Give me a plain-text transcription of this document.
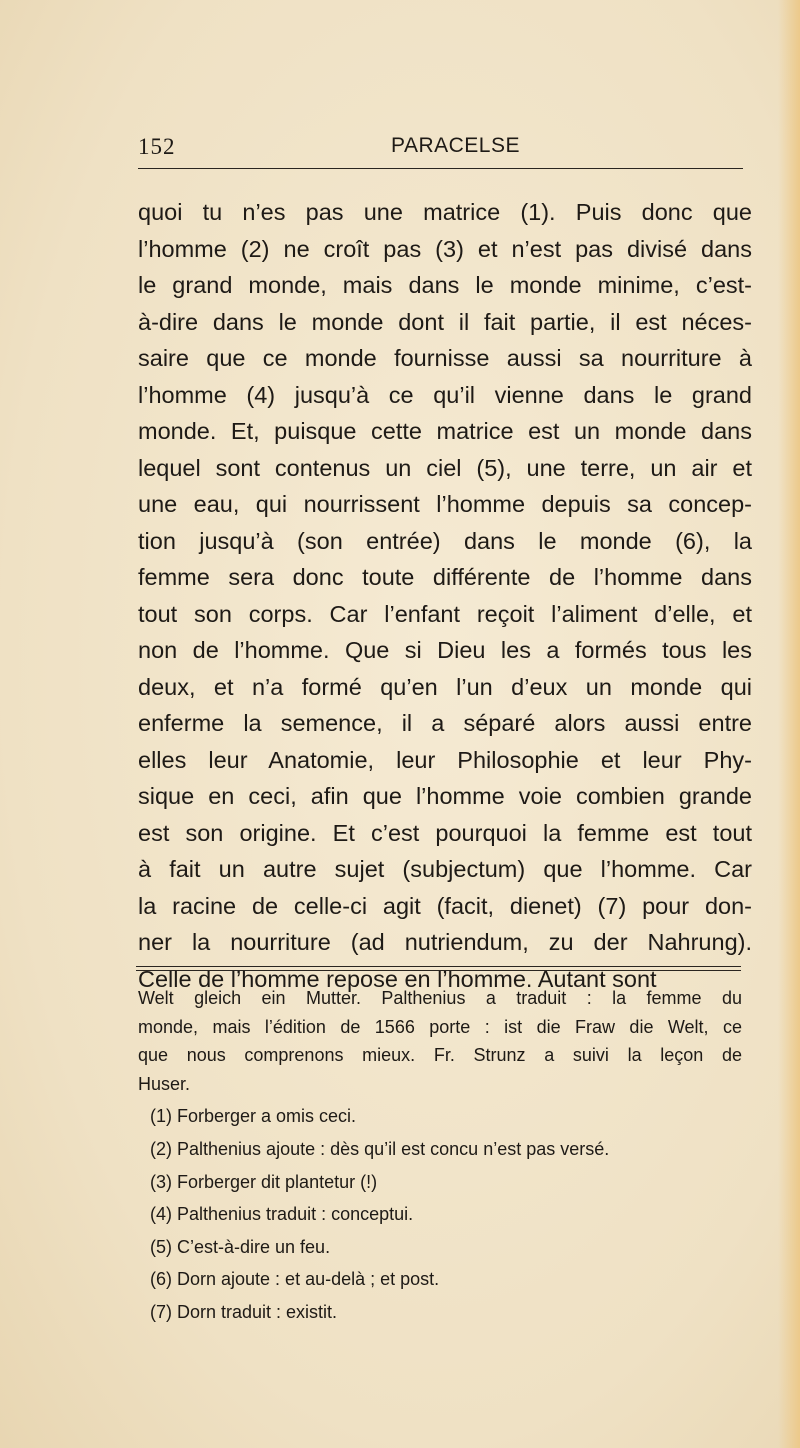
152	PARACELSE
quoi tu n’es pas une matrice (1). Puis donc que
l’homme (2) ne croît pas (3) et n’est pas divisé dans
le grand monde, mais dans le monde minime, c’est-
à-dire dans le monde dont il fait partie, il est néces-
saire que ce monde fournisse aussi sa nourriture à
l’homme (4) jusqu’à ce qu’il vienne dans le grand
monde. Et, puisque cette matrice est un monde dans
lequel sont contenus un ciel (5), une terre, un air et
une eau, qui nourrissent l’homme depuis sa concep-
tion jusqu’à (son entrée) dans le monde (6), la
femme sera donc toute différente de l’homme dans
tout son corps. Car l’enfant reçoit l’aliment d’elle, et
non de l’homme. Que si Dieu les a formés tous les
deux, et n’a formé qu’en l’un d’eux un monde qui
enferme la semence, il a séparé alors aussi entre
elles leur Anatomie, leur Philosophie et leur Phy-
sique en ceci, afin que l’homme voie combien grande
est son origine. Et c’est pourquoi la femme est tout
à fait un autre sujet (subjectum) que l’homme. Car
la racine de celle-ci agit (facit, dienet) (7) pour don-
ner la nourriture (ad nutriendum, zu der Nahrung).
Celle de l’homme repose en l’homme. Autant sont
Welt gleich ein Mutter. Palthenius a traduit : la femme du
monde, mais l’édition de 1566 porte : ist die Fraw die Welt, ce
que nous comprenons mieux. Fr. Strunz a suivi la leçon de
Huser.
(1) Forberger a omis ceci.
(2) Palthenius ajoute : dès qu’il est concu n’est pas versé.
(3) Forberger dit plantetur (!)
(4) Palthenius traduit : conceptui.
(5) C’est-à-dire un feu.
(6) Dorn ajoute : et au-delà ; et post.
(7) Dorn traduit : existit.
